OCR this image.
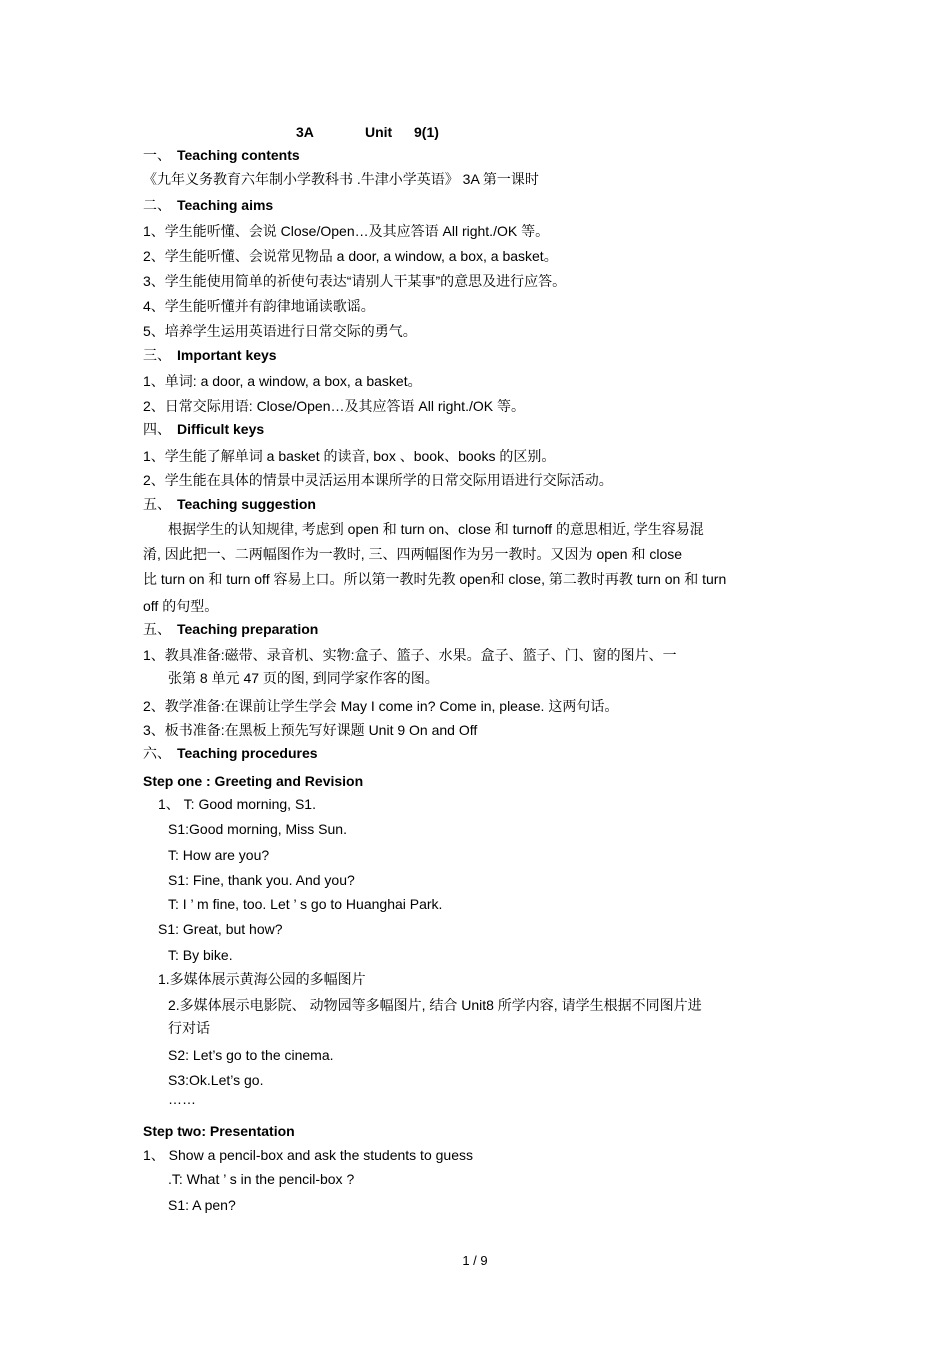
3A	Unit 9(1)
一、 Teaching contents
《九年义务教育六年制小学教科书 .牛津小学英语》 3A 第一课时
二、 Teaching aims
1、学生能听懂、会说 Close/Open…及其应答语 All right./OK 等。
2、学生能听懂、会说常见物品 a door, a window, a box, a basket。
3、学生能使用简单的祈使句表达“请别人干某事”的意思及进行应答。
4、学生能听懂并有韵律地诵读歌谣。
5、培养学生运用英语进行日常交际的勇气。
三、 Important keys
1、单词: a door, a window, a box, a basket。
2、日常交际用语: Close/Open…及其应答语 All right./OK 等。
四、 Difficult keys
1、学生能了解单词 a basket 的读音, box 、book、books 的区别。
2、学生能在具体的情景中灵活运用本课所学的日常交际用语进行交际活动。
五、 Teaching suggestion
根据学生的认知规律, 考虑到 open 和 turn on、close 和 turnoff 的意思相近, 学生容易混
淆, 因此把一、二两幅图作为一教时, 三、四两幅图作为另一教时。又因为 open 和 close
比 turn on 和 turn off 容易上口。所以第一教时先教 open和 close, 第二教时再教 turn on 和 turn
off 的句型。
五、 Teaching preparation
1、教具准备:磁带、录音机、实物:盒子、篮子、水果。盒子、篮子、门、窗的图片、一
张第 8 单元 47 页的图, 到同学家作客的图。
2、教学准备:在课前让学生学会 May I come in? Come in, please. 这两句话。
3、板书准备:在黑板上预先写好课题 Unit 9 On and Off
六、 Teaching procedures
Step one : Greeting and Revision
1、 T: Good morning, S1.
S1:Good morning, Miss Sun.
T: How are you?
S1: Fine, thank you. And you?
T: I ’ m fine, too. Let ’ s go to Huanghai Park.
S1: Great, but how?
T: By bike.
1.多媒体展示黄海公园的多幅图片
2.多媒体展示电影院、 动物园等多幅图片, 结合 Unit8 所学内容, 请学生根据不同图片进
行对话
S2: Let’s go to the cinema.
S3:Ok.Let’s go.
……
Step two: Presentation
1、 Show a pencil-box and ask the students to guess
.T: What ’ s in the pencil-box ?
S1: A pen?
1 / 9
